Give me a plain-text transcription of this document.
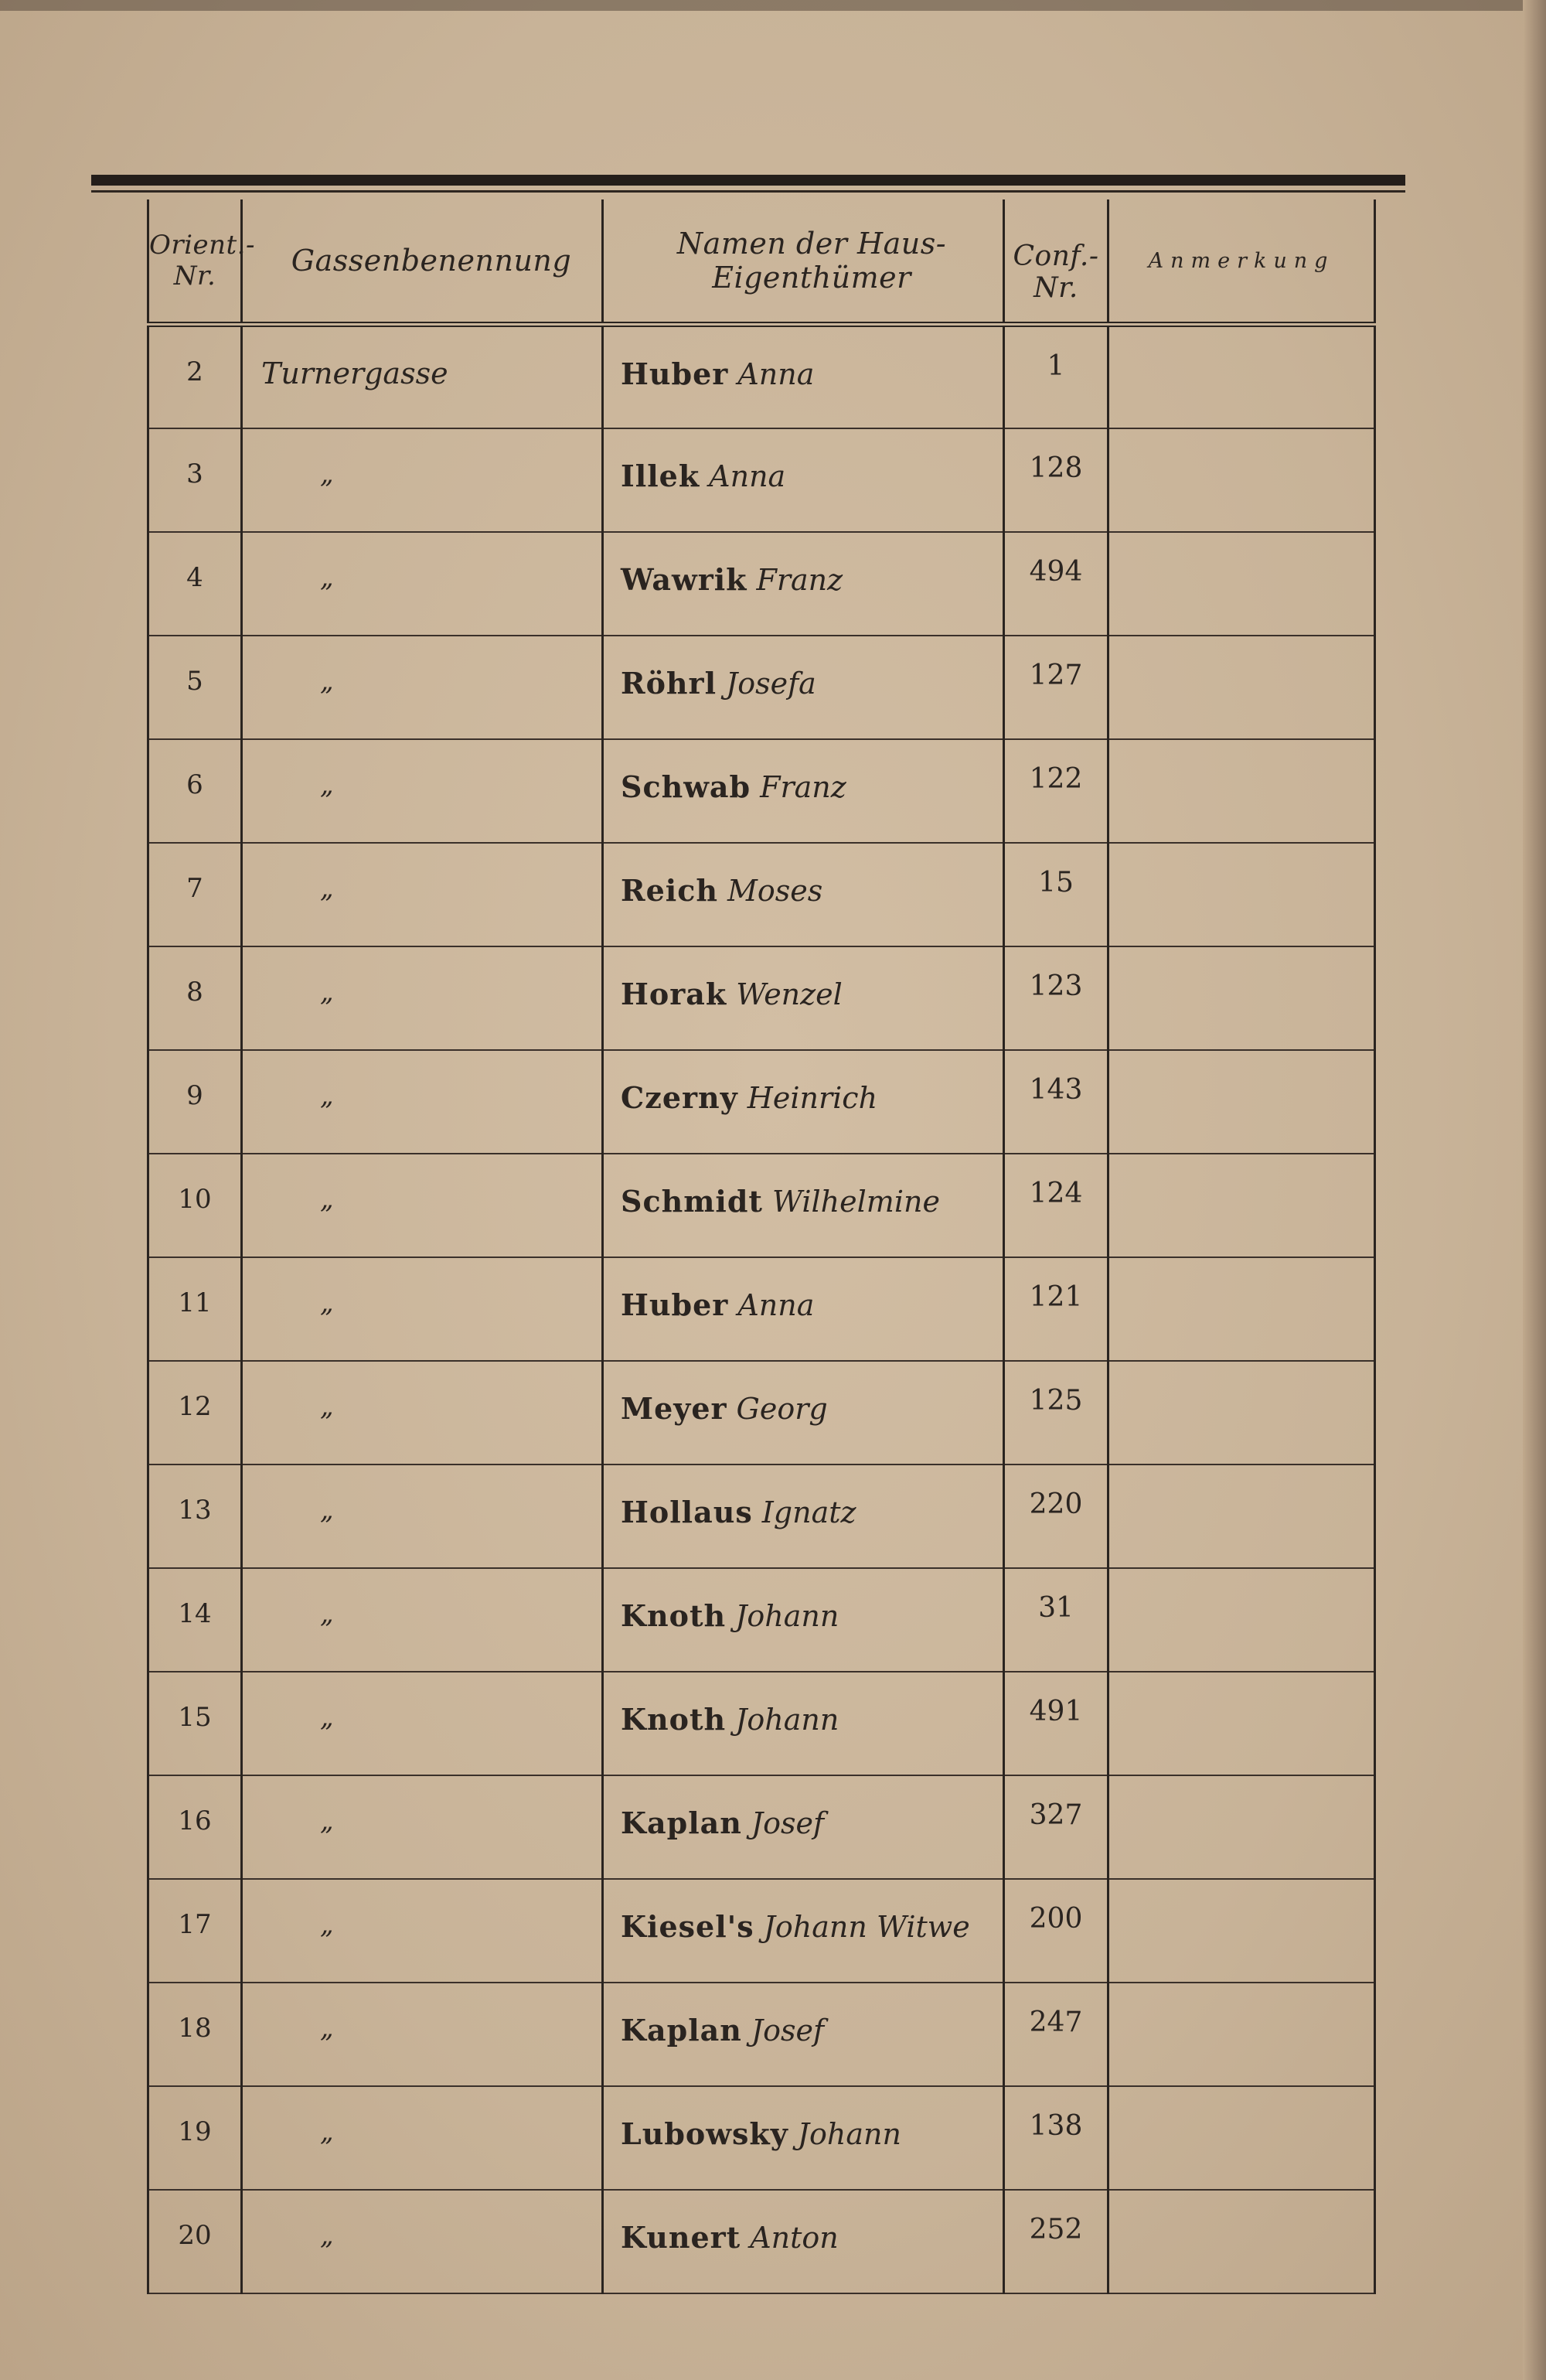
Orient.-Nr.	Gassenbenennung	Namen der Haus-Eigenthümer	Conf.-Nr.	Anmerkung
2	Turnergasse	Huber Anna	1	
3	„	Illek Anna	128	
4	„	Wawrik Franz	494	
5	„	Röhrl Josefa	127	
6	„	Schwab Franz	122	
7	„	Reich Moses	15	
8	„	Horak Wenzel	123	
9	„	Czerny Heinrich	143	
10	„	Schmidt Wilhelmine	124	
11	„	Huber Anna	121	
12	„	Meyer Georg	125	
13	„	Hollaus Ignatz	220	
14	„	Knoth Johann	31	
15	„	Knoth Johann	491	
16	„	Kaplan Josef	327	
17	„	Kiesel's Johann Witwe	200	
18	„	Kaplan Josef	247	
19	„	Lubowsky Johann	138	
20	„	Kunert Anton	252	
